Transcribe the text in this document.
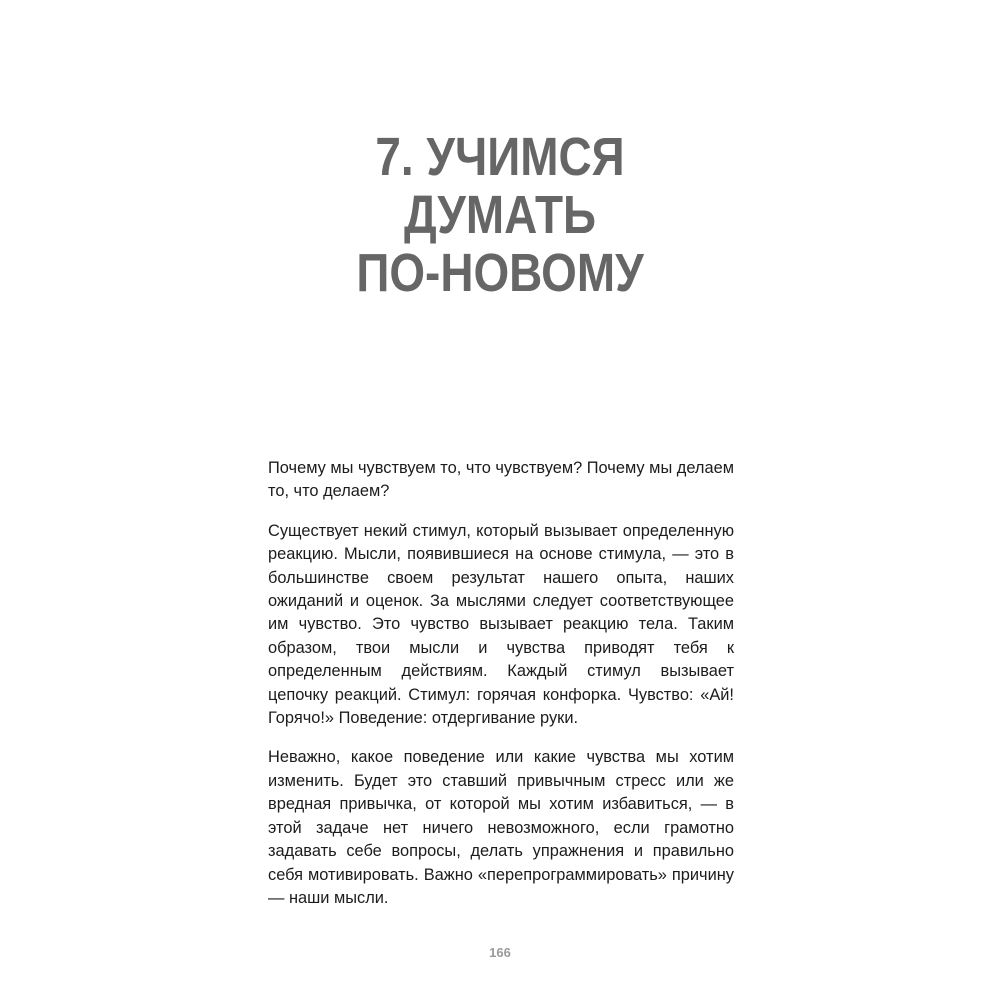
7. УЧИМСЯ
ДУМАТЬ
ПО-НОВОМУ

Почему мы чувствуем то, что чувствуем? Почему мы делаем то, что делаем?

Существует некий стимул, который вызывает определенную реакцию. Мысли, появившиеся на основе стимула, — это в большинстве своем результат нашего опыта, наших ожиданий и оценок. За мыслями следует соответствующее им чувство. Это чувство вызывает реакцию тела. Таким образом, твои мысли и чувства приводят тебя к определенным действиям. Каждый стимул вызывает цепочку реакций. Стимул: горячая конфорка. Чувство: «Ай! Горячо!» Поведение: отдергивание руки.

Неважно, какое поведение или какие чувства мы хотим изменить. Будет это ставший привычным стресс или же вредная привычка, от которой мы хотим избавиться, — в этой задаче нет ничего невозможного, если грамотно задавать себе вопросы, делать упражнения и правильно себя мотивировать. Важно «перепрограммировать» причину — наши мысли.

166
